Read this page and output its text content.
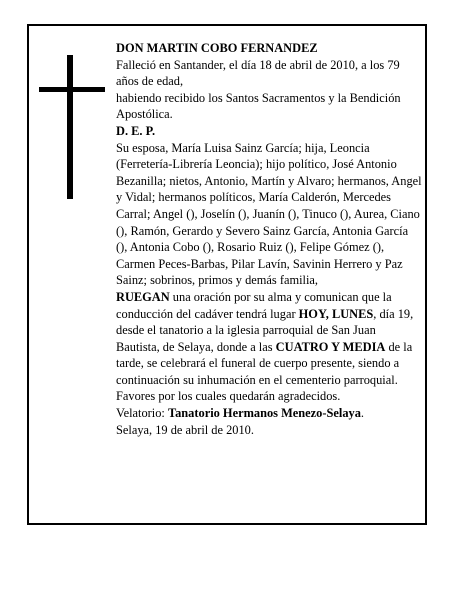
DON MARTIN COBO FERNANDEZ

Falleció en Santander, el día 18 de abril de 2010, a los 79 años de edad,

habiendo recibido los Santos Sacramentos y la Bendición Apostólica.

D. E. P.

Su esposa, María Luisa Sainz García; hija, Leoncia (Ferretería-Librería Leoncia); hijo político, José Antonio Bezanilla; nietos, Antonio, Martín y Alvaro; hermanos, Angel y Vidal; hermanos políticos, María Calderón, Mercedes Carral; Angel (), Joselín (), Juanín (), Tinuco (), Aurea, Ciano (), Ramón, Gerardo y Severo Sainz García, Antonia García (), Antonia Cobo (), Rosario Ruiz (), Felipe Gómez (), Carmen Peces-Barbas, Pilar Lavín, Savinin Herrero y Paz Sainz; sobrinos, primos y demás familia,

RUEGAN una oración por su alma y comunican que la conducción del cadáver tendrá lugar HOY, LUNES, día 19, desde el tanatorio a la iglesia parroquial de San Juan Bautista, de Selaya, donde a las CUATRO Y MEDIA de la tarde, se celebrará el funeral de cuerpo presente, siendo a continuación su inhumación en el cementerio parroquial. Favores por los cuales quedarán agradecidos.

Velatorio: Tanatorio Hermanos Menezo-Selaya.

Selaya, 19 de abril de 2010.
